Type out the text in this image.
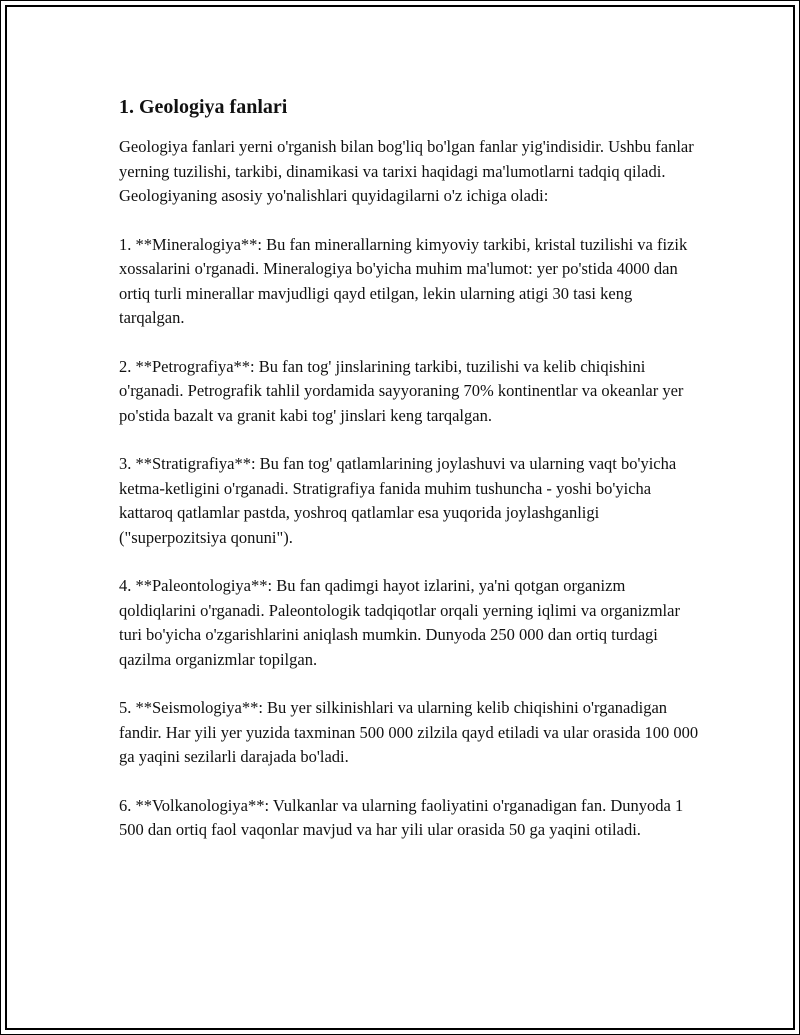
1. Geologiya fanlari

Geologiya fanlari yerni o'rganish bilan bog'liq bo'lgan fanlar yig'indisidir. Ushbu fanlar yerning tuzilishi, tarkibi, dinamikasi va tarixi haqidagi ma'lumotlarni tadqiq qiladi. Geologiyaning asosiy yo'nalishlari quyidagilarni o'z ichiga oladi:

1. **Mineralogiya**: Bu fan minerallarning kimyoviy tarkibi, kristal tuzilishi va fizik xossalarini o'rganadi. Mineralogiya bo'yicha muhim ma'lumot: yer po'stida 4000 dan ortiq turli minerallar mavjudligi qayd etilgan, lekin ularning atigi 30 tasi keng tarqalgan.

2. **Petrografiya**: Bu fan tog' jinslarining tarkibi, tuzilishi va kelib chiqishini o'rganadi. Petrografik tahlil yordamida sayyoraning 70% kontinentlar va okeanlar yer po'stida bazalt va granit kabi tog' jinslari keng tarqalgan.

3. **Stratigrafiya**: Bu fan tog' qatlamlarining joylashuvi va ularning vaqt bo'yicha ketma-ketligini o'rganadi. Stratigrafiya fanida muhim tushuncha - yoshi bo'yicha kattaroq qatlamlar pastda, yoshroq qatlamlar esa yuqorida joylashganligi ("superpozitsiya qonuni").

4. **Paleontologiya**: Bu fan qadimgi hayot izlarini, ya'ni qotgan organizm qoldiqlarini o'rganadi. Paleontologik tadqiqotlar orqali yerning iqlimi va organizmlar turi bo'yicha o'zgarishlarini aniqlash mumkin. Dunyoda 250 000 dan ortiq turdagi qazilma organizmlar topilgan.

5. **Seismologiya**: Bu yer silkinishlari va ularning kelib chiqishini o'rganadigan fandir. Har yili yer yuzida taxminan 500 000 zilzila qayd etiladi va ular orasida 100 000 ga yaqini sezilarli darajada bo'ladi.

6. **Volkanologiya**: Vulkanlar va ularning faoliyatini o'rganadigan fan. Dunyoda 1 500 dan ortiq faol vaqonlar mavjud va har yili ular orasida 50 ga yaqini otiladi.
